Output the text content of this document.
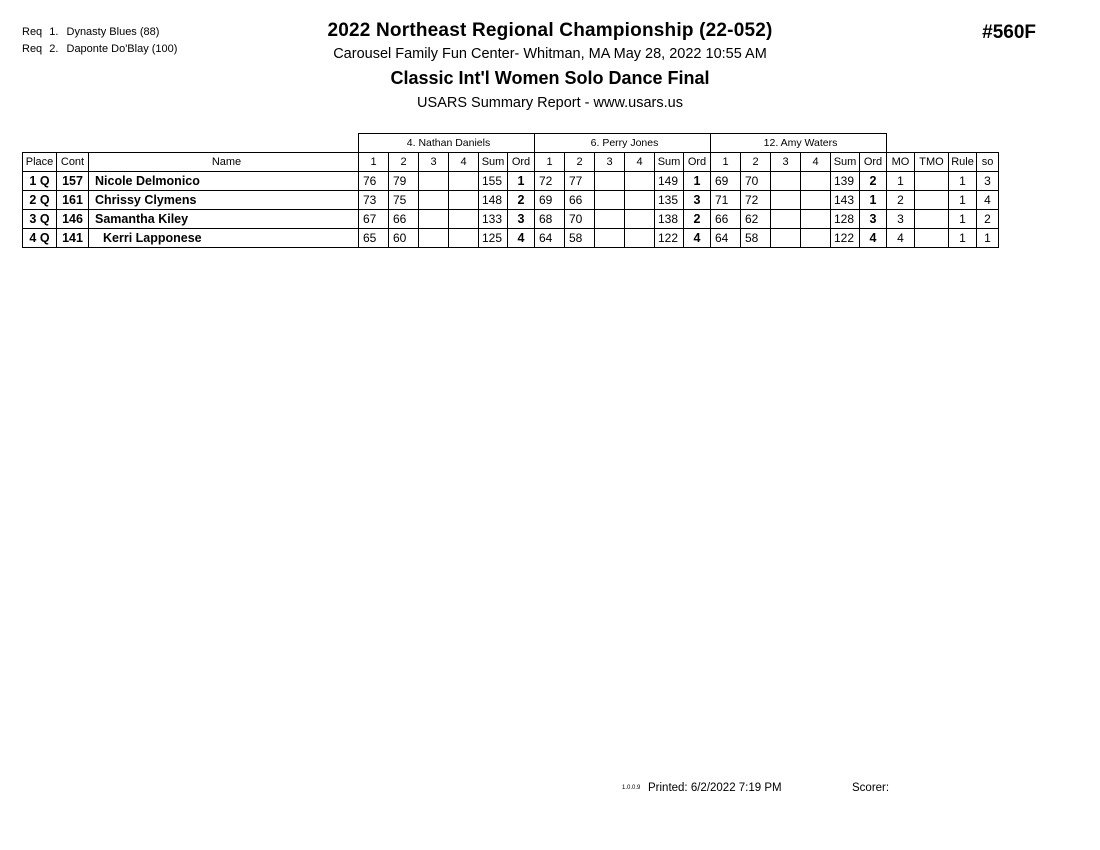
Req 1. Dynasty Blues (88)
Req 2. Daponte Do'Blay (100)
2022 Northeast Regional Championship (22-052)
Carousel Family Fun Center- Whitman, MA May 28, 2022 10:55 AM
Classic Int'l Women Solo Dance Final
USARS Summary Report - www.usars.us
#560F
			4. Nathan Daniels						6. Perry Jones						12. Amy Waters									
Place	Cont	Name	1	2	3	4	Sum	Ord	1	2	3	4	Sum	Ord	1	2	3	4	Sum	Ord	MO	TMO	Rule	so
1 Q	157	Nicole Delmonico	76	79			155	1	72	77			149	1	69	70			139	2	1		1	3
2 Q	161	Chrissy Clymens	73	75			148	2	69	66			135	3	71	72			143	1	2		1	4
3 Q	146	Samantha Kiley	67	66			133	3	68	70			138	2	66	62			128	3	3		1	2
4 Q	141	Kerri Lapponese	65	60			125	4	64	58			122	4	64	58			122	4	4		1	1
1.0.0.9 Printed: 6/2/2022 7:19 PM	Scorer:
